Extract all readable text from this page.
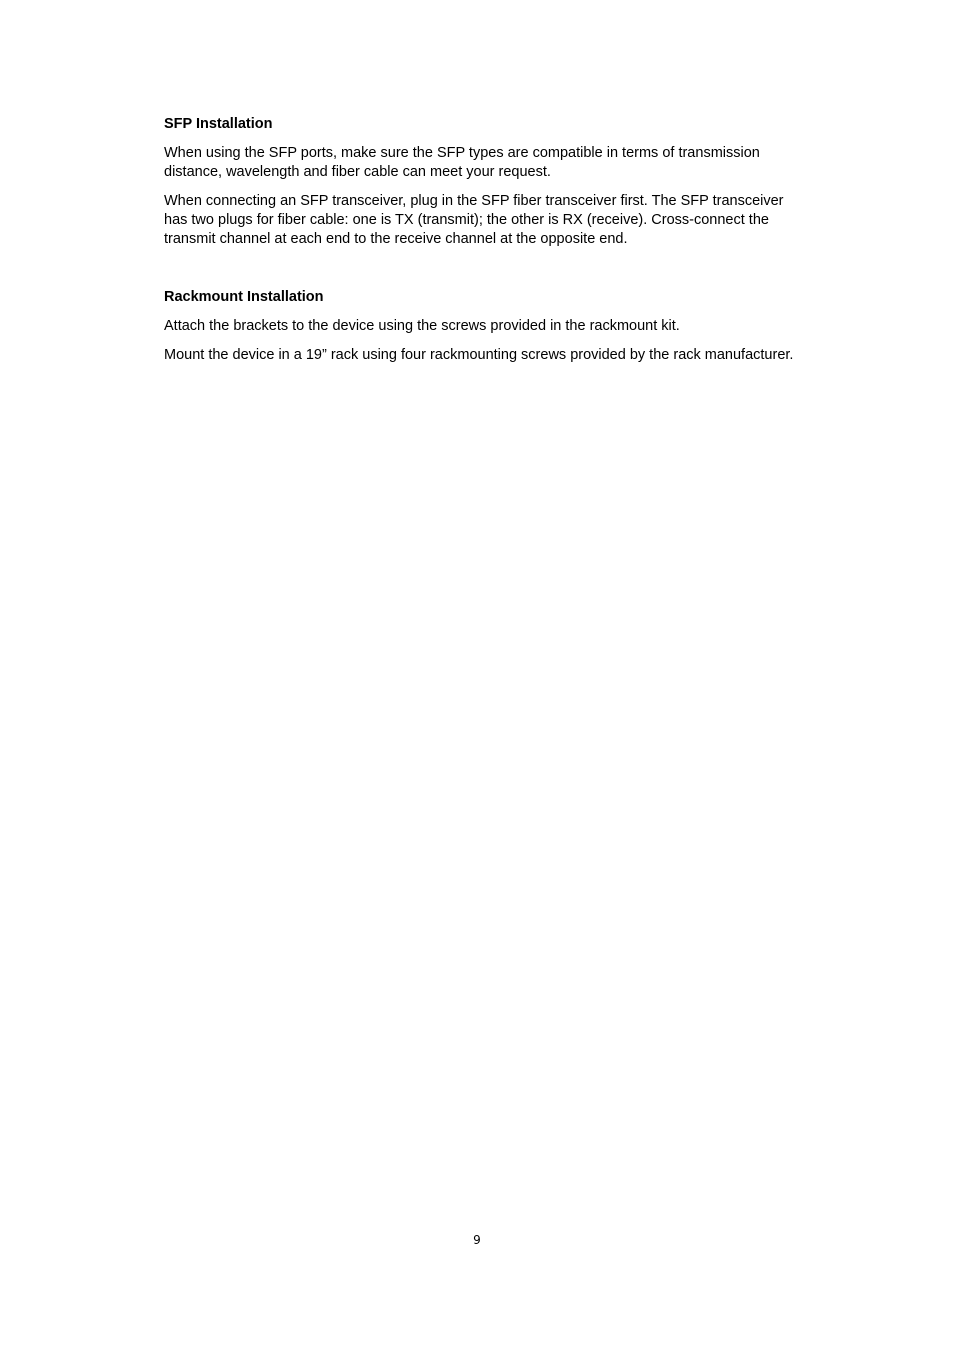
SFP Installation

When using the SFP ports, make sure the SFP types are compatible in terms of transmission distance, wavelength and fiber cable can meet your request.

When connecting an SFP transceiver, plug in the SFP fiber transceiver first. The SFP transceiver has two plugs for fiber cable: one is TX (transmit); the other is RX (receive). Cross-connect the transmit channel at each end to the receive channel at the opposite end.

Rackmount Installation

Attach the brackets to the device using the screws provided in the rackmount kit.

Mount the device in a 19” rack using four rackmounting screws provided by the rack manufacturer.

9
